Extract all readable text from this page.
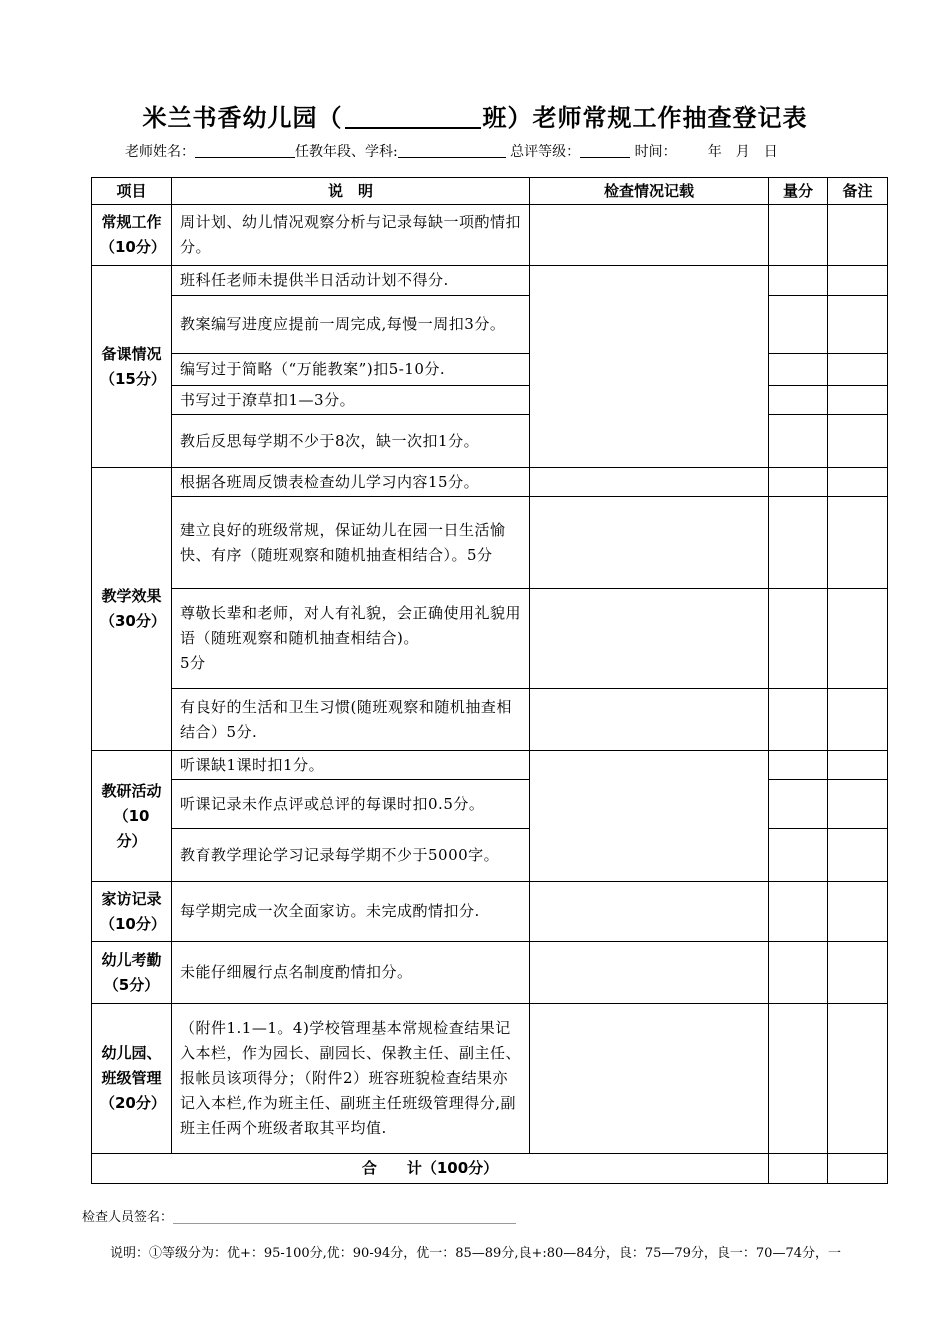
米兰书香幼儿园（	班）老师常规工作抽查登记表
老师姓名：	任教年段、学科:	总评等级：	时间： 年　月　日
项目	说　明	检查情况记载	量分	备注

常规工作
（10分）	周计划、幼儿情况观察分析与记录每缺一项酌情扣分。			

备课情况
（15分）	班科任老师未提供半日活动计划不得分.			
	教案编写进度应提前一周完成,每慢一周扣3分。			
	编写过于简略（“万能教案”)扣5-10分.			
	书写过于潦草扣1—3分。			
	教后反思每学期不少于8次，缺一次扣1分。			

教学效果
（30分）	根据各班周反馈表检查幼儿学习内容15分。			
	建立良好的班级常规，保证幼儿在园一日生活愉快、有序（随班观察和随机抽查相结合）。5分			

	尊敬长辈和老师，对人有礼貌，会正确使用礼貌用语（随班观察和随机抽查相结合)。
5分			

	有良好的生活和卫生习惯(随班观察和随机抽查相结合）5分.			

教研活动
（10
分）	听课缺1课时扣1分。			
	听课记录未作点评或总评的每课时扣0.5分。			
	教育教学理论学习记录每学期不少于5000字。			

家访记录
（10分）	每学期完成一次全面家访。未完成酌情扣分.			

幼儿考勤
（5分）	未能仔细履行点名制度酌情扣分。			

幼儿园、
班级管理
（20分）	（附件1.1—1。4)学校管理基本常规检查结果记入本栏，作为园长、副园长、保教主任、副主任、报帐员该项得分；（附件2）班容班貌检查结果亦记入本栏,作为班主任、副班主任班级管理得分,副班主任两个班级者取其平均值.			
合　　计（100分）				
检查人员签名：
说明：①等级分为：优+：95-100分,优：90-94分，优一：85—89分,良+:80—84分，良：75—79分，良一：70—74分，一
